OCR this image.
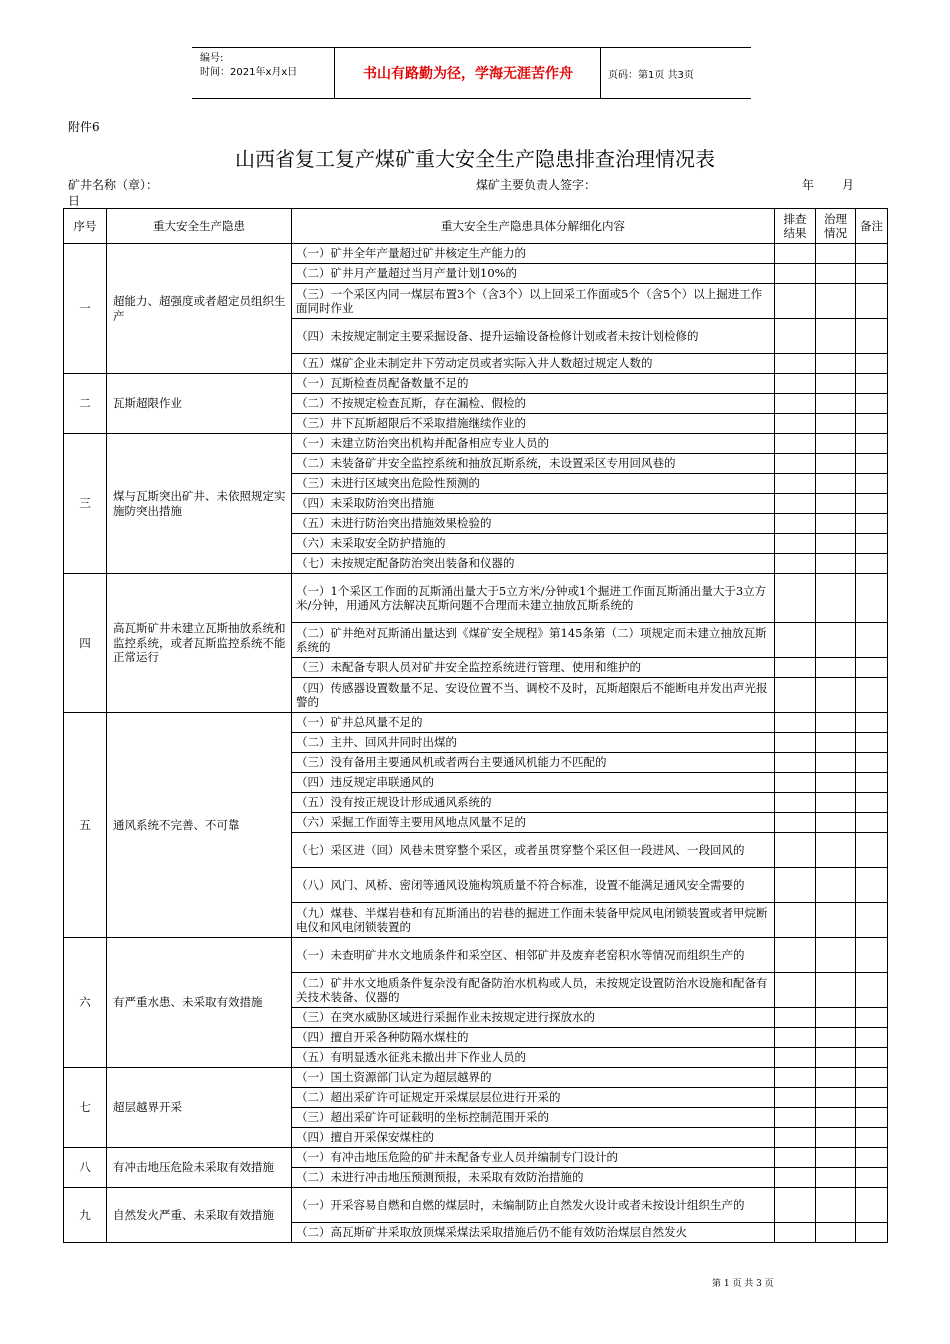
编号:
时间：2021年x月x日	书山有路勤为径，学海无涯苦作舟	页码：第1页 共3页
附件6
山西省复工复产煤矿重大安全生产隐患排查治理情况表
矿井名称（章）：	煤矿主要负责人签字：	年 月
日
序号	重大安全生产隐患	重大安全生产隐患具体分解细化内容	排查结果	治理情况	备注
一	超能力、超强度或者超定员组织生产	（一）矿井全年产量超过矿井核定生产能力的			
		（二）矿井月产量超过当月产量计划10%的			
		（三）一个采区内同一煤层布置3个（含3个）以上回采工作面或5个（含5个）以上掘进工作面同时作业			
		（四）未按规定制定主要采掘设备、提升运输设备检修计划或者未按计划检修的			
		（五）煤矿企业未制定井下劳动定员或者实际入井人数超过规定人数的			
二	瓦斯超限作业	（一）瓦斯检查员配备数量不足的			
		（二）不按规定检查瓦斯，存在漏检、假检的			
		（三）井下瓦斯超限后不采取措施继续作业的			
三	煤与瓦斯突出矿井、未依照规定实施防突出措施	（一）未建立防治突出机构并配备相应专业人员的			
		（二）未装备矿井安全监控系统和抽放瓦斯系统，未设置采区专用回风巷的			
		（三）未进行区域突出危险性预测的			
		（四）未采取防治突出措施			
		（五）未进行防治突出措施效果检验的			
		（六）未采取安全防护措施的			
		（七）未按规定配备防治突出装备和仪器的			
四	高瓦斯矿井未建立瓦斯抽放系统和监控系统，或者瓦斯监控系统不能正常运行	（一）1个采区工作面的瓦斯涌出量大于5立方米/分钟或1个掘进工作面瓦斯涌出量大于3立方米/分钟，用通风方法解决瓦斯问题不合理而未建立抽放瓦斯系统的			
		（二）矿井绝对瓦斯涌出量达到《煤矿安全规程》第145条第（二）项规定而未建立抽放瓦斯系统的			
		（三）未配备专职人员对矿井安全监控系统进行管理、使用和维护的			
		（四）传感器设置数量不足、安设位置不当、调校不及时，瓦斯超限后不能断电并发出声光报警的			
五	通风系统不完善、不可靠	（一）矿井总风量不足的			
		（二）主井、回风井同时出煤的			
		（三）没有备用主要通风机或者两台主要通风机能力不匹配的			
		（四）违反规定串联通风的			
		（五）没有按正规设计形成通风系统的			
		（六）采掘工作面等主要用风地点风量不足的			
		（七）采区进（回）风巷未贯穿整个采区，或者虽贯穿整个采区但一段进风、一段回风的			
		（八）风门、风桥、密闭等通风设施构筑质量不符合标准，设置不能满足通风安全需要的			
		（九）煤巷、半煤岩巷和有瓦斯涌出的岩巷的掘进工作面未装备甲烷风电闭锁装置或者甲烷断电仪和风电闭锁装置的			
六	有严重水患、未采取有效措施	（一）未查明矿井水文地质条件和采空区、相邻矿井及废弃老窑积水等情况而组织生产的			
		（二）矿井水文地质条件复杂没有配备防治水机构或人员，未按规定设置防治水设施和配备有关技术装备、仪器的			
		（三）在突水威胁区域进行采掘作业未按规定进行探放水的			
		（四）擅自开采各种防隔水煤柱的			
		（五）有明显透水征兆未撤出井下作业人员的			
七	超层越界开采	（一）国土资源部门认定为超层越界的			
		（二）超出采矿许可证规定开采煤层层位进行开采的			
		（三）超出采矿许可证载明的坐标控制范围开采的			
		（四）擅自开采保安煤柱的			
八	有冲击地压危险未采取有效措施	（一）有冲击地压危险的矿井未配备专业人员并编制专门设计的			
		（二）未进行冲击地压预测预报，未采取有效防治措施的			
九	自然发火严重、未采取有效措施	（一）开采容易自燃和自燃的煤层时，未编制防止自然发火设计或者未按设计组织生产的			
		（二）高瓦斯矿井采取放顶煤采煤法采取措施后仍不能有效防治煤层自然发火			
第 1 页 共 3 页
